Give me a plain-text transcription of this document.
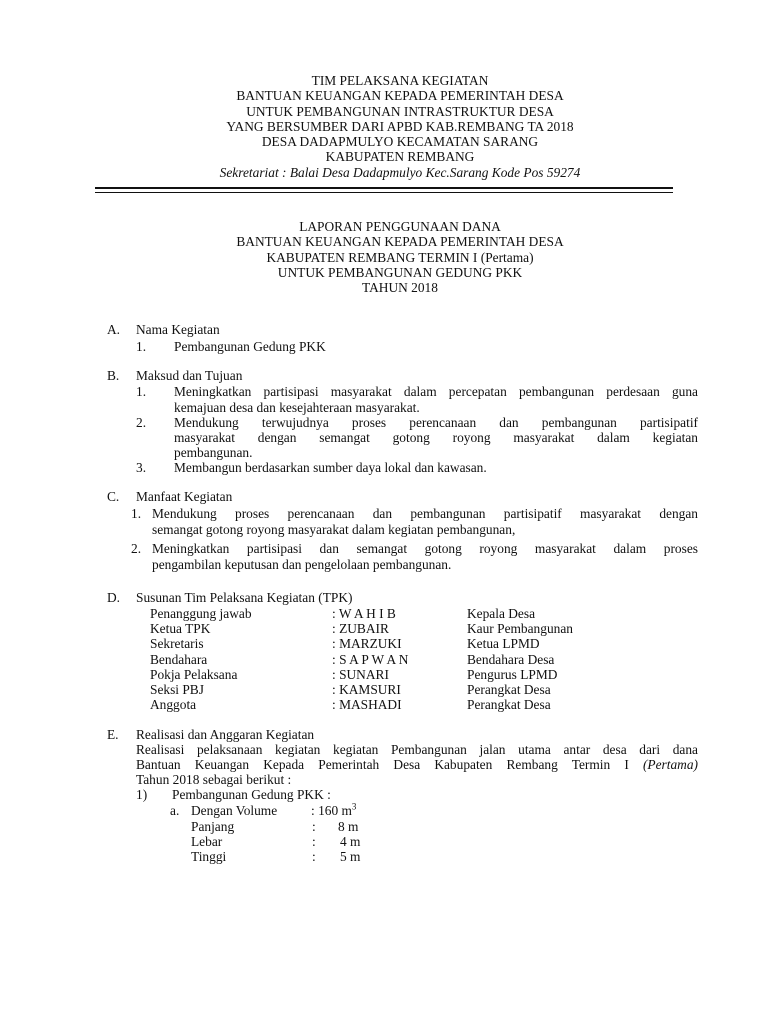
TIM PELAKSANA KEGIATAN
BANTUAN KEUANGAN KEPADA PEMERINTAH DESA
UNTUK PEMBANGUNAN INTRASTRUKTUR DESA
YANG BERSUMBER DARI APBD KAB.REMBANG TA 2018
DESA DADAPMULYO KECAMATAN SARANG
KABUPATEN REMBANG
Sekretariat : Balai Desa Dadapmulyo Kec.Sarang Kode Pos 59274
LAPORAN PENGGUNAAN DANA
BANTUAN KEUANGAN KEPADA PEMERINTAH DESA
KABUPATEN REMBANG TERMIN I (Pertama)
UNTUK PEMBANGUNAN GEDUNG PKK
TAHUN 2018
A. Nama Kegiatan
1. Pembangunan Gedung PKK
B. Maksud dan Tujuan
1. Meningkatkan partisipasi masyarakat dalam percepatan pembangunan perdesaan guna
kemajuan desa dan kesejahteraan masyarakat.
2. Mendukung terwujudnya proses perencanaan dan pembangunan partisipatif
masyarakat dengan semangat gotong royong masyarakat dalam kegiatan
pembangunan.
3. Membangun berdasarkan sumber daya lokal dan kawasan.
C. Manfaat Kegiatan
1. Mendukung proses perencanaan dan pembangunan partisipatif masyarakat dengan
semangat gotong royong masyarakat dalam kegiatan pembangunan,
2. Meningkatkan partisipasi dan semangat gotong royong masyarakat dalam proses
pengambilan keputusan dan pengelolaan pembangunan.
D. Susunan Tim Pelaksana Kegiatan (TPK)
Penanggung jawab	: W A H I B	Kepala Desa
Ketua TPK	: ZUBAIR	Kaur Pembangunan
Sekretaris	: MARZUKI	Ketua LPMD
Bendahara	: S A P W A N	Bendahara Desa
Pokja Pelaksana	: SUNARI	Pengurus LPMD
Seksi PBJ	: KAMSURI	Perangkat Desa
Anggota	: MASHADI	Perangkat Desa
E. Realisasi dan Anggaran Kegiatan
Realisasi pelaksanaan kegiatan kegiatan Pembangunan jalan utama antar desa dari dana
Bantuan Keuangan Kepada Pemerintah Desa Kabupaten Rembang Termin I (Pertama)
Tahun 2018 sebagai berikut :
1) Pembangunan Gedung PKK :
a. Dengan Volume	: 160 $m^3$
Panjang	: 8 m
Lebar	: 4 m
Tinggi	: 5 m
